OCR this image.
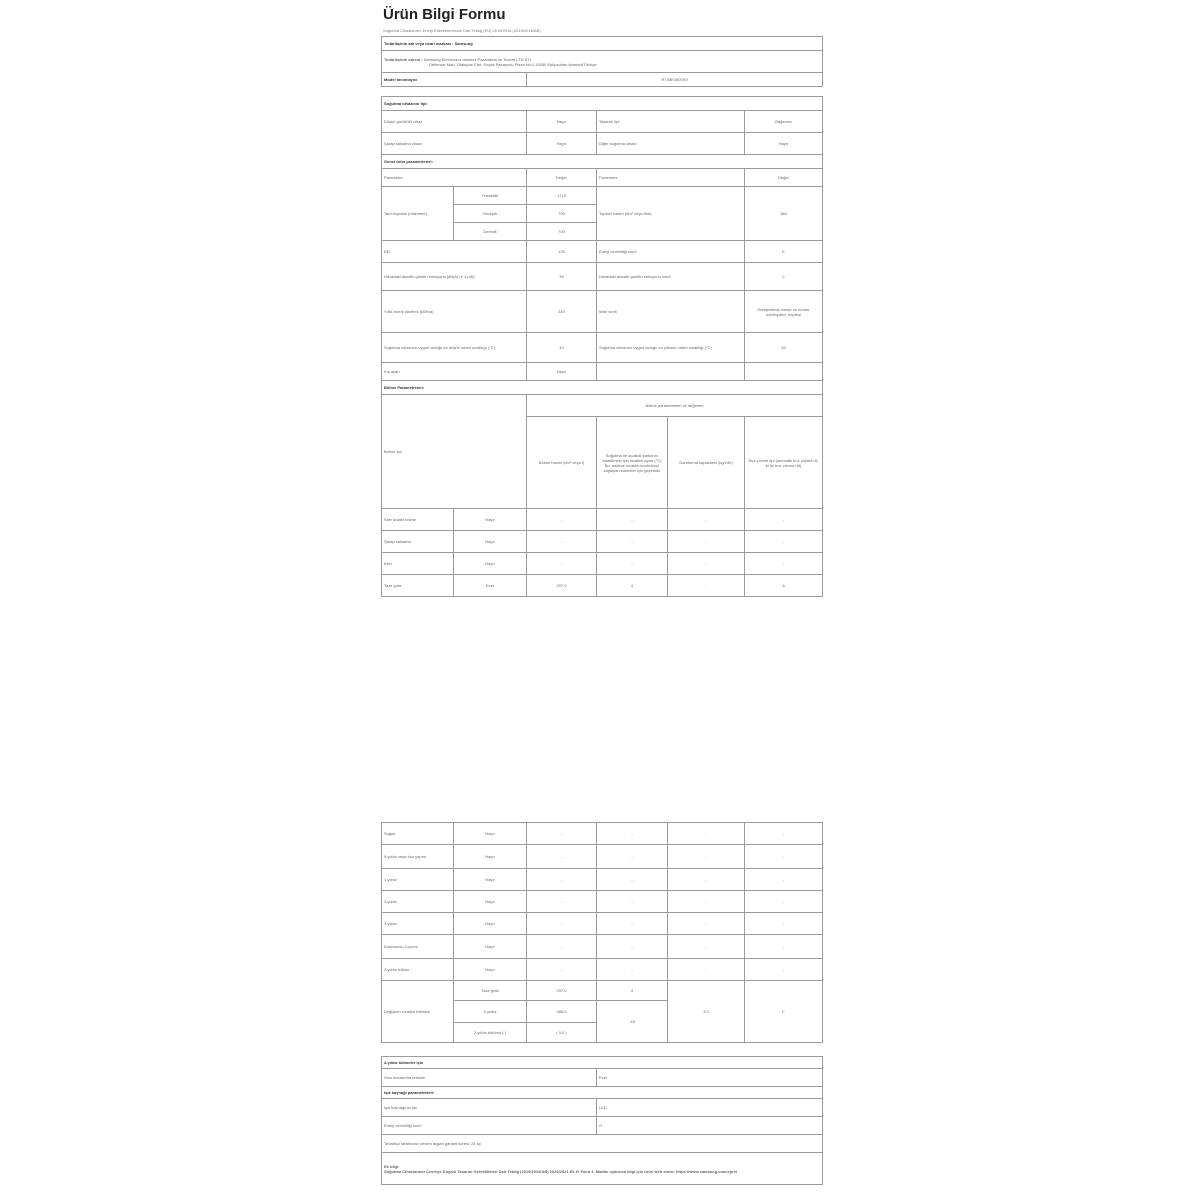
Ürün Bilgi Formu
Soğutma Cihazlarının Enerji Etiketlenmesine Dair Tebliğ (EU) 2019/2016 (2019/2016/AB)
Tedarikçinin adı veya ticari markası : Samsung					
Tedarikçinin adresi : Samsung Electronics Istanbul Pazarlama ve Ticaret LTD.ŞTİ.
Defterdar Mah. Otakçılar Cad. Soyak Pazaryolu Plaza No:1 34050 Eyüpsultan İstanbul/Türkiye					
Model tanımlayıcı		RT38K5500S9			

Soğutma cihazının tipi:					
Düşük gürültülü cihaz		Hayır	Tasarım tipi		Bağımsız
Şarap saklama cihazı		Hayır	Diğer soğutma cihazı		Hayır
Genel ürün parametreleri:					
Parametre		Değer	Parametre		Değer
Tam boyutlar (milimetre)	Yükseklik	1715	Toplam hacim (dm³ veya litre)		384
	Genişlik	700			
	Derinlik	700			
EEI		135	Enerji verimliliği sınıfı		E
Havadaki akustik gürültü emisyonu [dB(A) re 1 pW]		39	Havadaki akustik gürültü emisyonu sınıfı		C
Yıllık enerji tüketimi (kWh/a)		340	İklim sınıfı		Genişletilmiş ılıman ve ılıman, subtropikal, tropikal
Soğutma cihazının uygun olduğu en düşük ortam sıcaklığı (°C)		10	Soğutma cihazının uygun olduğu en yüksek ortam sıcaklığı (°C)		43
Kış ayarı		Hayır			
Bölme Parametreleri:					
Bölme tipi		Bölme parametreleri ve değerleri			
		Bölme hacmi (dm³ veya l)	Soğutma ve sıcaklık şartlarını tutabilmesi için sıcaklık ayarı (°C) Bu, sadece sıcaklık kontrolünü sağlayan bölmeler için geçerlidir	Dondurma kapasitesi (kg/24h)	Buz çözme tipi (otomatik buz çözme=A, el ile buz çözme=M)
Kiler dolabı bölme	Hayır	-	-	-	-
Şarap saklama	Hayır	-	-	-	-
Kiler	Hayır	-	-	-	-
Taze gıda	Evet	297.0	4	-	A
Soğuk	Hayır	-	-	-	-
0-yıldız veya buz yapım	Hayır	-	-	-	-
1-yıldız	Hayır	-	-	-	-
2-yıldız	Hayır	-	-	-	-
3-yıldız	Hayır	-	-	-	-
Dondurucu 4-yıldız	Hayır	-	-	-	-
2-yıldız bölüm	Hayır	-	-	-	-
Değişken sıcaklık bölmesi	Taze gıda	297.0	4	3.0	F
	4-yıldız	086.0	-18		
	2-yıldız bölümü (-)	( 0.0 )			

4-yıldız bölmeler için					
Hızlı dondurma tesisatı			Evet		
Işık kaynağı parametreleri:					
Işık kaynağının tipi			LED		
Enerji verimliliği sınıfı			G		
Tedarikçi tarafından verilen asgari garanti süresi: 24 ay					
Ek bilgi:
Soğutma Cihazlarının Çevreye Duyarlı Tasarım Gereklilikleri Dair Tebliğ (2019/2019/AB) 2020/2021 Ek IV Fıkra 4. Madde uyarınca bilgi için ürün web sitesi: https://www.samsung.com/eprel					
